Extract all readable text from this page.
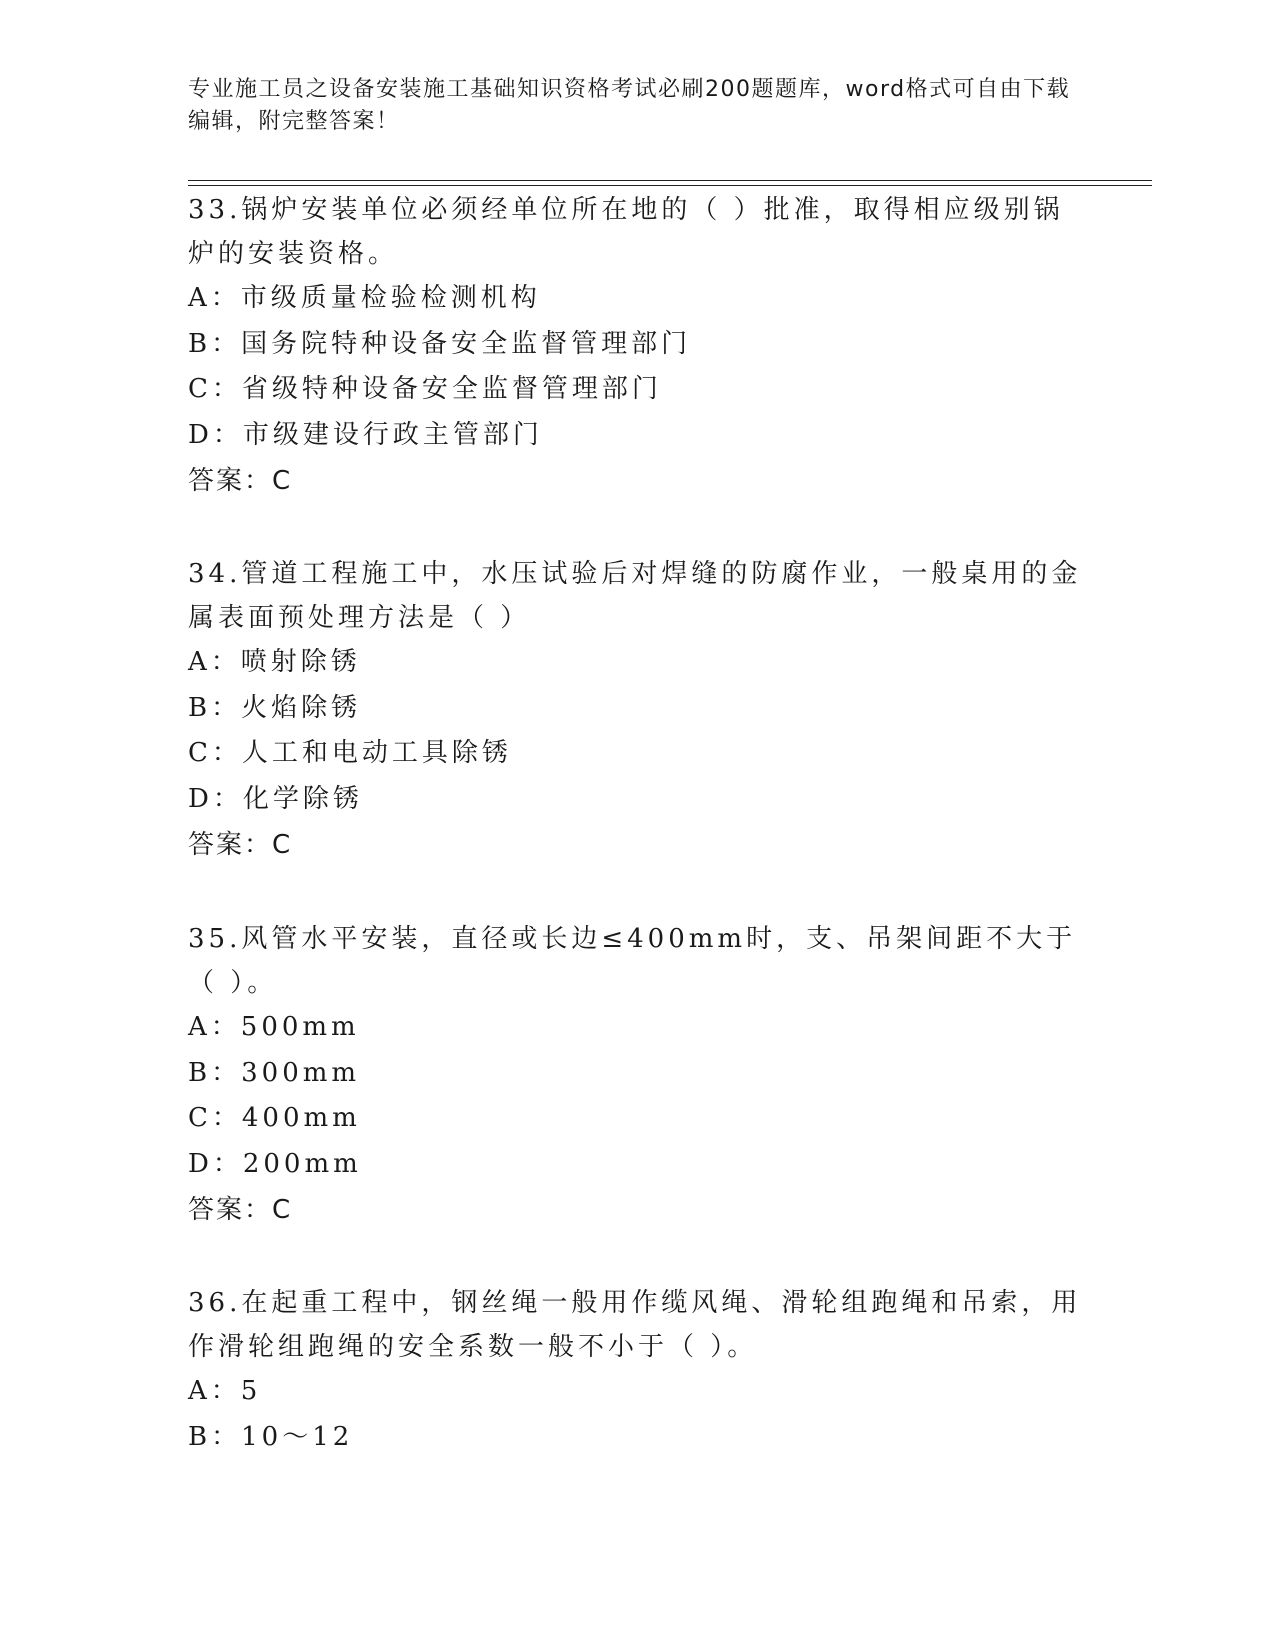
专业施工员之设备安装施工基础知识资格考试必刷200题题库，word格式可自由下载编辑，附完整答案！

33.锅炉安装单位必须经单位所在地的（ ）批准，取得相应级别锅炉的安装资格。

A：市级质量检验检测机构

B：国务院特种设备安全监督管理部门

C：省级特种设备安全监督管理部门

D：市级建设行政主管部门

答案：C

34.管道工程施工中，水压试验后对焊缝的防腐作业，一般桌用的金属表面预处理方法是（ ）

A：喷射除锈

B：火焰除锈

C：人工和电动工具除锈

D：化学除锈

答案：C

35.风管水平安装，直径或长边≤400mm时，支、吊架间距不大于（ ）。

A：500mm

B：300mm

C：400mm

D：200mm

答案：C

36.在起重工程中，钢丝绳一般用作缆风绳、滑轮组跑绳和吊索，用作滑轮组跑绳的安全系数一般不小于（ ）。

A：5

B：10～12
